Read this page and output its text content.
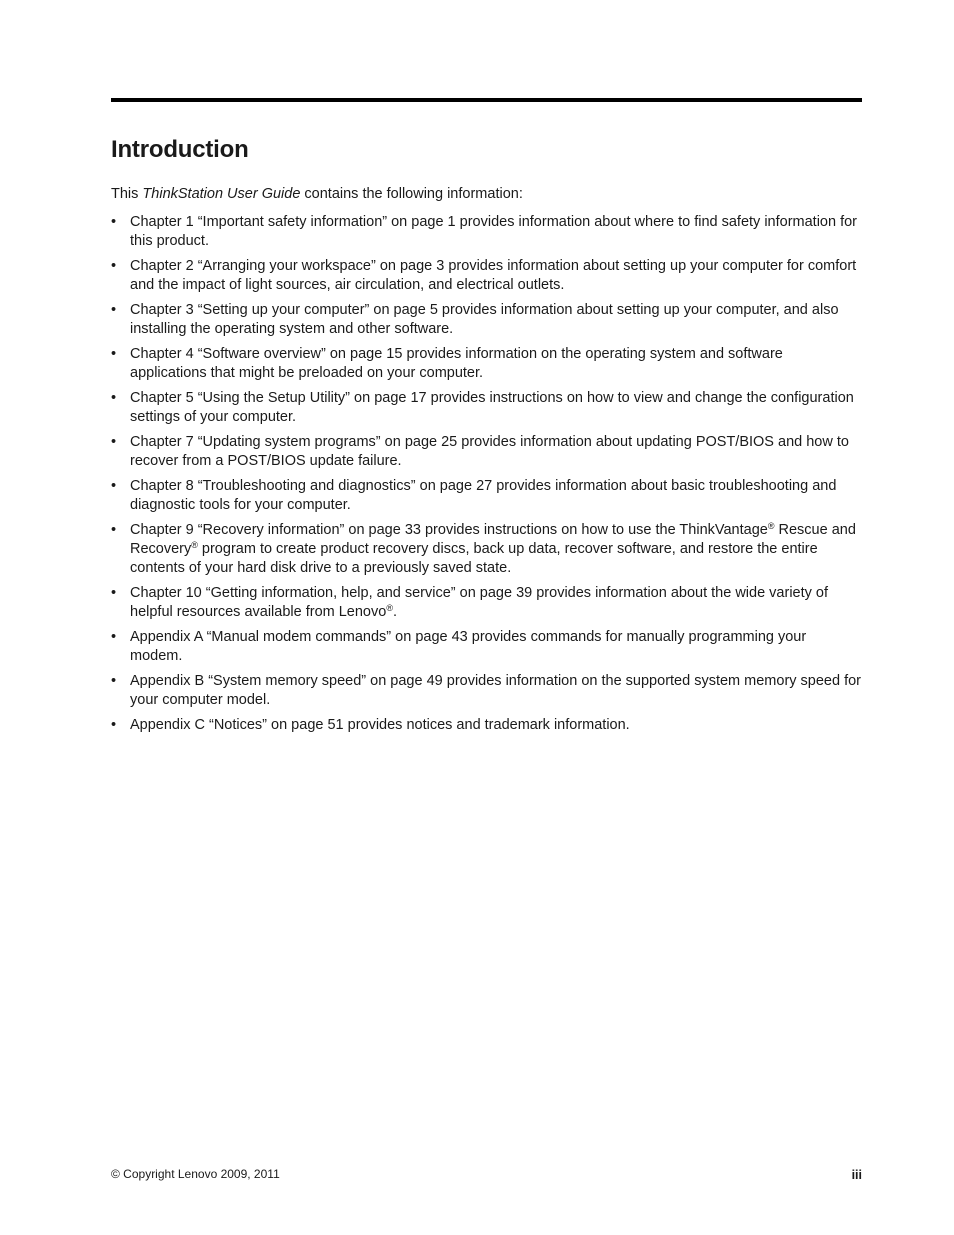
Introduction

This ThinkStation User Guide contains the following information:

• Chapter 1 “Important safety information” on page 1 provides information about where to find safety information for this product.
• Chapter 2 “Arranging your workspace” on page 3 provides information about setting up your computer for comfort and the impact of light sources, air circulation, and electrical outlets.
• Chapter 3 “Setting up your computer” on page 5 provides information about setting up your computer, and also installing the operating system and other software.
• Chapter 4 “Software overview” on page 15 provides information on the operating system and software applications that might be preloaded on your computer.
• Chapter 5 “Using the Setup Utility” on page 17 provides instructions on how to view and change the configuration settings of your computer.
• Chapter 7 “Updating system programs” on page 25 provides information about updating POST/BIOS and how to recover from a POST/BIOS update failure.
• Chapter 8 “Troubleshooting and diagnostics” on page 27 provides information about basic troubleshooting and diagnostic tools for your computer.
• Chapter 9 “Recovery information” on page 33 provides instructions on how to use the ThinkVantage® Rescue and Recovery® program to create product recovery discs, back up data, recover software, and restore the entire contents of your hard disk drive to a previously saved state.
• Chapter 10 “Getting information, help, and service” on page 39 provides information about the wide variety of helpful resources available from Lenovo®.
• Appendix A “Manual modem commands” on page 43 provides commands for manually programming your modem.
• Appendix B “System memory speed” on page 49 provides information on the supported system memory speed for your computer model.
• Appendix C “Notices” on page 51 provides notices and trademark information.
© Copyright Lenovo 2009, 2011	iii
